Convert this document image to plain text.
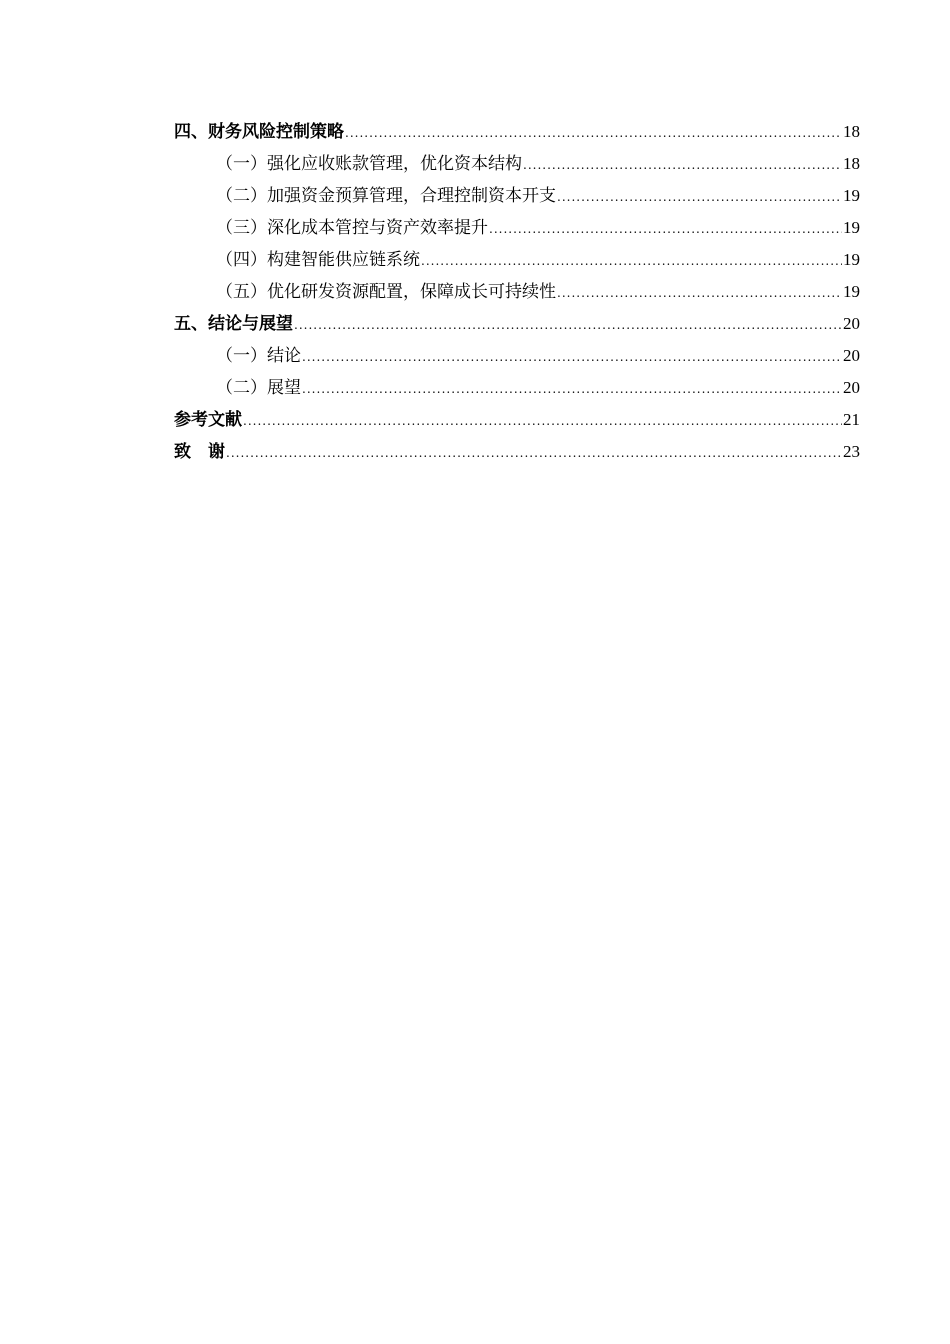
四、财务风险控制策略 .....	18
（一）强化应收账款管理，优化资本结构 .....	18
（二）加强资金预算管理，合理控制资本开支 .....	19
（三）深化成本管控与资产效率提升 .....	19
（四）构建智能供应链系统 .....	19
（五）优化研发资源配置，保障成长可持续性 .....	19
五、结论与展望 .....	20
（一）结论 .....	20
（二）展望 .....	20
参考文献 .....	21
致　谢 .....	23
